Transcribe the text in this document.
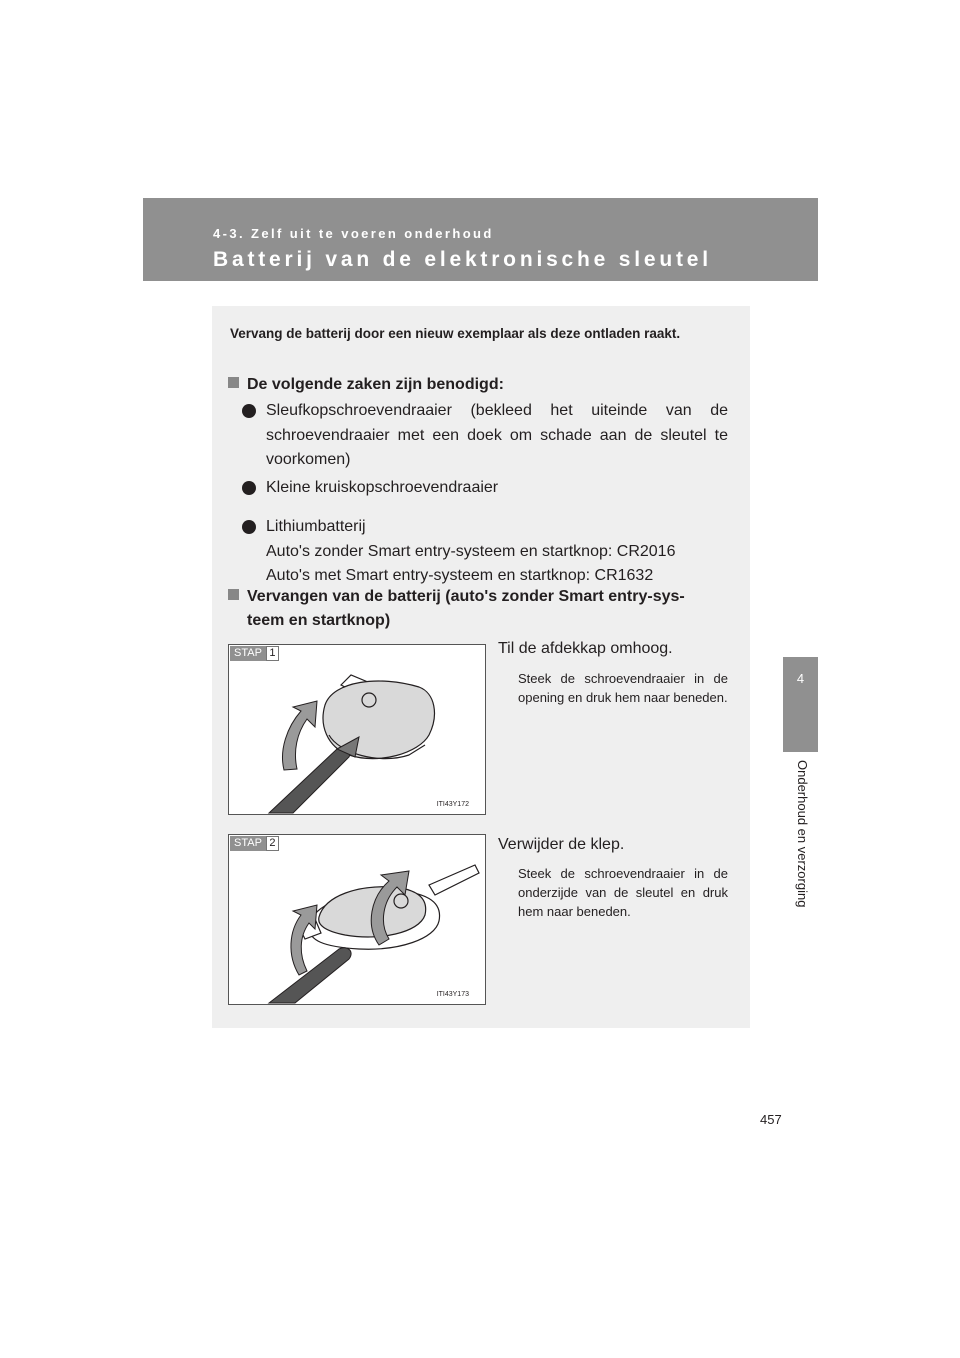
4-3. Zelf uit te voeren onderhoud
Batterij van de elektronische sleutel
4
Onderhoud en verzorging
Vervang de batterij door een nieuw exemplaar als deze ontladen raakt.
De volgende zaken zijn benodigd:
Sleufkopschroevendraaier (bekleed het uiteinde van de schroevendraaier met een doek om schade aan de sleutel te voorkomen)
Kleine kruiskopschroevendraaier
Lithiumbatterij
Auto's zonder Smart entry-systeem en startknop: CR2016
Auto's met Smart entry-systeem en startknop: CR1632
Vervangen van de batterij (auto's zonder Smart entry-sys-
teem en startknop)
STAP 1
ITI43Y172
Til de afdekkap omhoog.
Steek de schroevendraaier in de opening en druk hem naar beneden.
STAP 2
ITI43Y173
Verwijder de klep.
Steek de schroevendraaier in de onderzijde van de sleutel en druk hem naar beneden.
457
